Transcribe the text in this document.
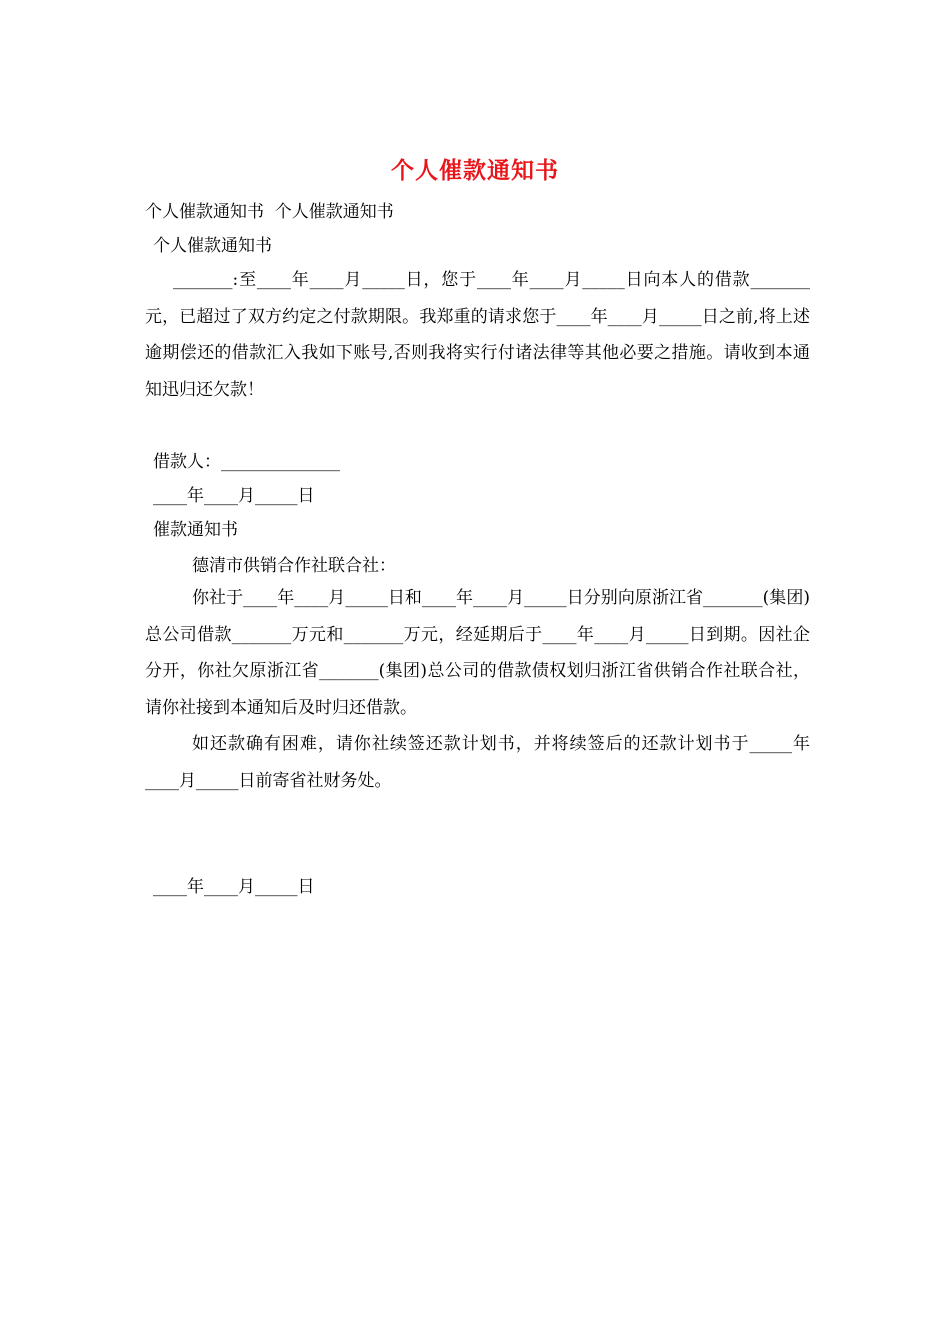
个人催款通知书
个人催款通知书  个人催款通知书
个人催款通知书
_______:至____年____月_____日，您于____年____月_____日向本人的借款_______元，已超过了双方约定之付款期限。我郑重的请求您于____年____月_____日之前,将上述逾期偿还的借款汇入我如下账号,否则我将实行付诸法律等其他必要之措施。请收到本通知迅归还欠款！
借款人：______________
____年____月_____日
催款通知书
德清市供销合作社联合社：
你社于____年____月_____日和____年____月_____日分别向原浙江省_______(集团)总公司借款_______万元和_______万元，经延期后于____年____月_____日到期。因社企分开，你社欠原浙江省_______(集团)总公司的借款债权划归浙江省供销合作社联合社，请你社接到本通知后及时归还借款。
如还款确有困难，请你社续签还款计划书，并将续签后的还款计划书于_____年____月_____日前寄省社财务处。
____年____月_____日
